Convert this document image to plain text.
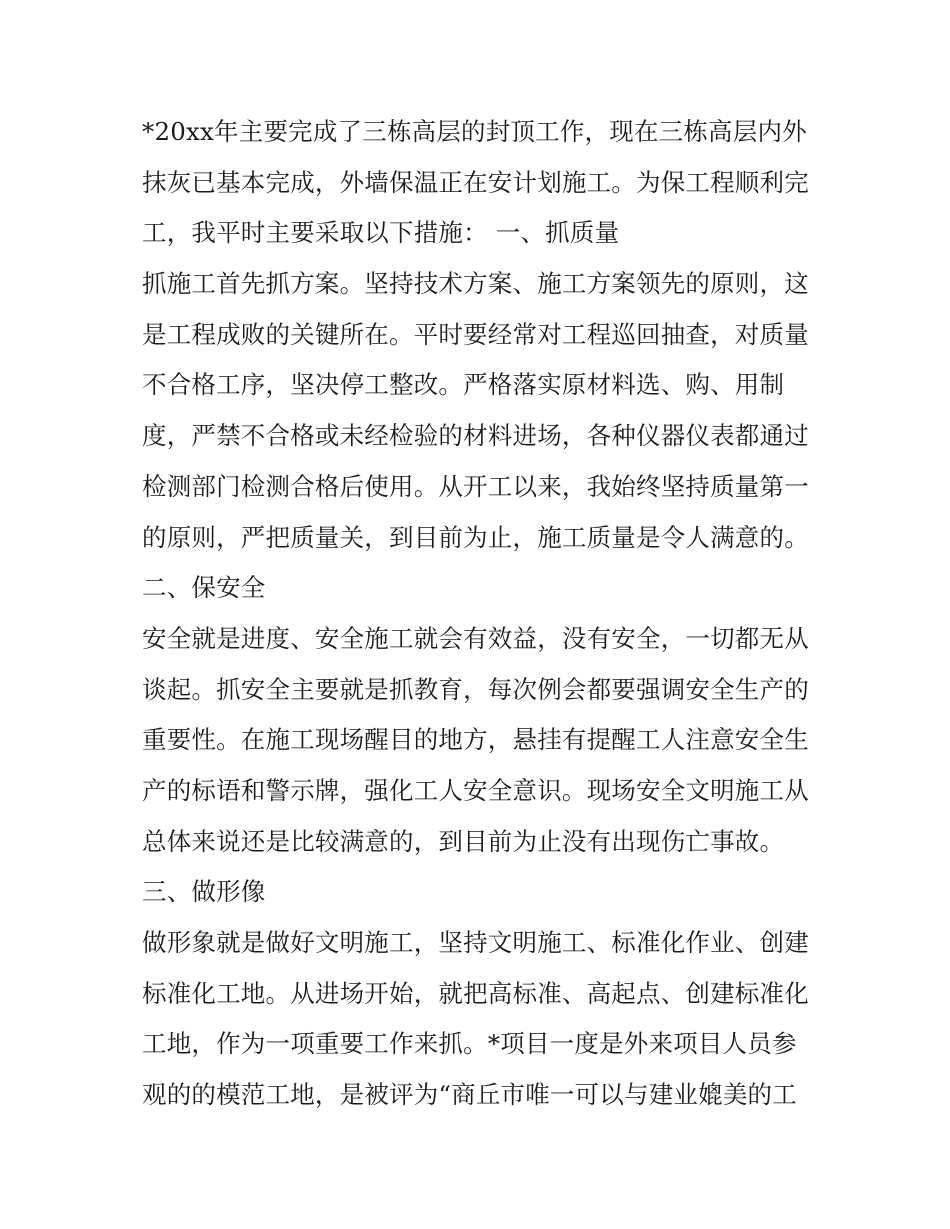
*20xx年主要完成了三栋高层的封顶工作，现在三栋高层内外
抹灰已基本完成，外墙保温正在安计划施工。为保工程顺利完
工，我平时主要采取以下措施： 一、抓质量
抓施工首先抓方案。坚持技术方案、施工方案领先的原则，这
是工程成败的关键所在。平时要经常对工程巡回抽查，对质量
不合格工序，坚决停工整改。严格落实原材料选、购、用制
度，严禁不合格或未经检验的材料进场，各种仪器仪表都通过
检测部门检测合格后使用。从开工以来，我始终坚持质量第一
的原则，严把质量关，到目前为止，施工质量是令人满意的。
二、保安全
安全就是进度、安全施工就会有效益，没有安全，一切都无从
谈起。抓安全主要就是抓教育，每次例会都要强调安全生产的
重要性。在施工现场醒目的地方，悬挂有提醒工人注意安全生
产的标语和警示牌，强化工人安全意识。现场安全文明施工从
总体来说还是比较满意的，到目前为止没有出现伤亡事故。
三、做形像
做形象就是做好文明施工，坚持文明施工、标准化作业、创建
标准化工地。从进场开始，就把高标准、高起点、创建标准化
工地，作为一项重要工作来抓。*项目一度是外来项目人员参
观的的模范工地，是被评为“商丘市唯一可以与建业媲美的工
